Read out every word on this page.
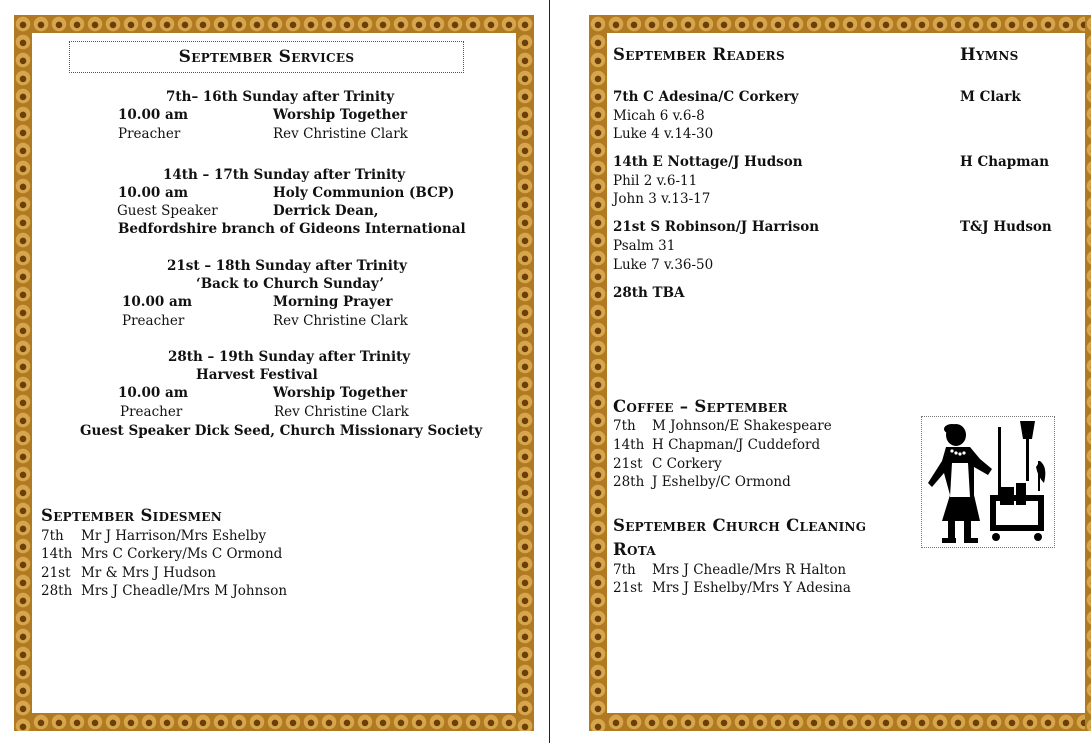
September Services
7th– 16th Sunday after Trinity
10.00 am	Worship Together
Preacher	Rev Christine Clark
14th – 17th Sunday after Trinity
10.00 am	Holy Communion (BCP)
Guest Speaker	Derrick Dean,
Bedfordshire branch of Gideons International
21st – 18th Sunday after Trinity
‘Back to Church Sunday’
10.00 am	Morning Prayer
Preacher	Rev Christine Clark
28th – 19th Sunday after Trinity
Harvest Festival
10.00 am	Worship Together
Preacher	Rev Christine Clark
Guest Speaker Dick Seed, Church Missionary Society
September Sidesmen
7th Mr J Harrison/Mrs Eshelby
14th Mrs C Corkery/Ms C Ormond
21st Mr & Mrs J Hudson
28th Mrs J Cheadle/Mrs M Johnson
September Readers	Hymns
7th C Adesina/C Corkery	M Clark
Micah 6 v.6-8
Luke 4 v.14-30
14th E Nottage/J Hudson	H Chapman
Phil 2 v.6-11
John 3 v.13-17
21st S Robinson/J Harrison	T&J Hudson
Psalm 31
Luke 7 v.36-50
28th TBA
Coffee – September
7th M Johnson/E Shakespeare
14th H Chapman/J Cuddeford
21st C Corkery
28th J Eshelby/C Ormond
September Church Cleaning
Rota
7th Mrs J Cheadle/Mrs R Halton
21st Mrs J Eshelby/Mrs Y Adesina
